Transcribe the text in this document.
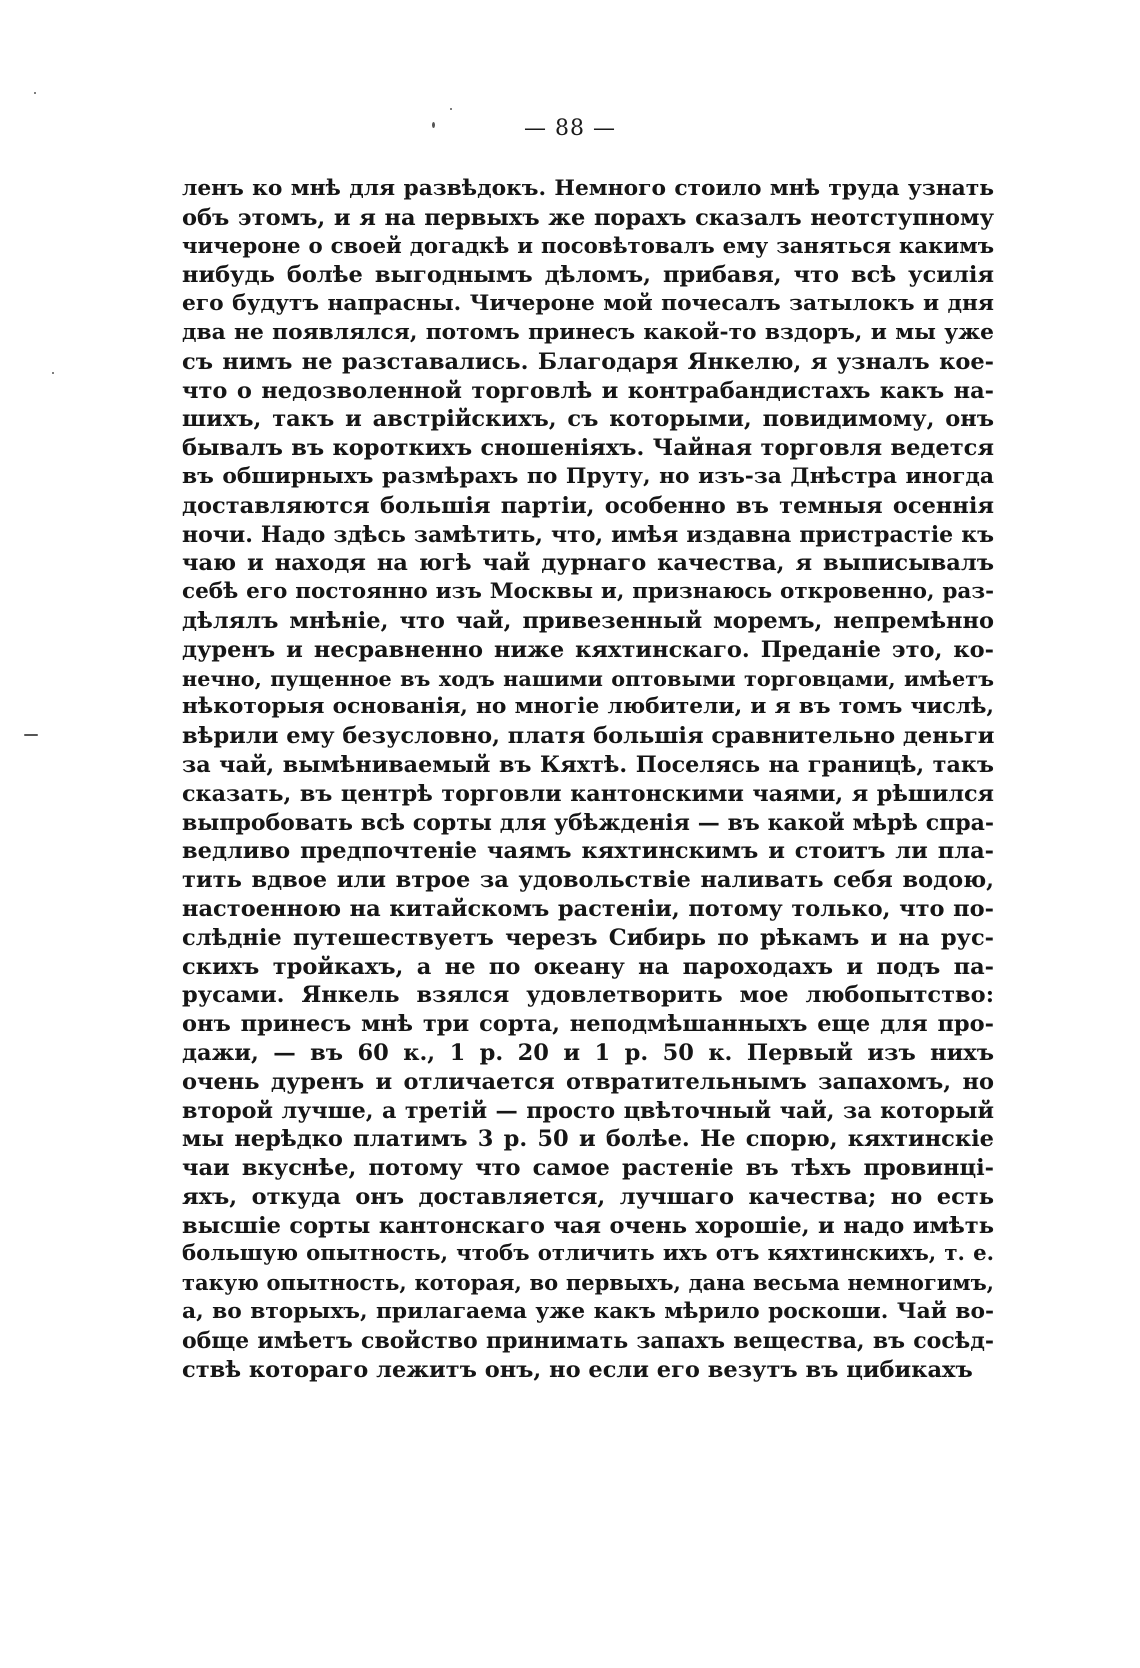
— 88 —
ленъ ко мнѣ для развѣдокъ. Немного стоило мнѣ труда узнать
объ этомъ, и я на первыхъ же порахъ сказалъ неотступному
чичероне о своей догадкѣ и посовѣтовалъ ему заняться какимъ
нибудь болѣе выгоднымъ дѣломъ, прибавя, что всѣ усилія
его будутъ напрасны. Чичероне мой почесалъ затылокъ и дня
два не появлялся, потомъ принесъ какой-то вздоръ, и мы уже
съ нимъ не разставались. Благодаря Янкелю, я узналъ кое-
что о недозволенной торговлѣ и контрабандистахъ какъ на-
шихъ, такъ и австрійскихъ, съ которыми, повидимому, онъ
бывалъ въ короткихъ сношеніяхъ. Чайная торговля ведется
въ обширныхъ размѣрахъ по Пруту, но изъ-за Днѣстра иногда
доставляются большія партіи, особенно въ темныя осеннія
ночи. Надо здѣсь замѣтить, что, имѣя издавна пристрастіе къ
чаю и находя на югѣ чай дурнаго качества, я выписывалъ
себѣ его постоянно изъ Москвы и, признаюсь откровенно, раз-
дѣлялъ мнѣніе, что чай, привезенный моремъ, непремѣнно
дуренъ и несравненно ниже кяхтинскаго. Преданіе это, ко-
нечно, пущенное въ ходъ нашими оптовыми торговцами, имѣетъ
нѣкоторыя основанія, но многіе любители, и я въ томъ числѣ,
вѣрили ему безусловно, платя большія сравнительно деньги
за чай, вымѣниваемый въ Кяхтѣ. Поселясь на границѣ, такъ
сказать, въ центрѣ торговли кантонскими чаями, я рѣшился
выпробовать всѣ сорты для убѣжденія — въ какой мѣрѣ спра-
ведливо предпочтеніе чаямъ кяхтинскимъ и стоитъ ли пла-
тить вдвое или втрое за удовольствіе наливать себя водою,
настоенною на китайскомъ растеніи, потому только, что по-
слѣдніе путешествуетъ черезъ Сибирь по рѣкамъ и на рус-
скихъ тройкахъ, а не по океану на пароходахъ и подъ па-
русами. Янкель взялся удовлетворить мое любопытство:
онъ принесъ мнѣ три сорта, неподмѣшанныхъ еще для про-
дажи, — въ 60 к., 1 р. 20 и 1 р. 50 к. Первый изъ нихъ
очень дуренъ и отличается отвратительнымъ запахомъ, но
второй лучше, а третій — просто цвѣточный чай, за который
мы нерѣдко платимъ 3 р. 50 и болѣе. Не спорю, кяхтинскіе
чаи вкуснѣе, потому что самое растеніе въ тѣхъ провинці-
яхъ, откуда онъ доставляется, лучшаго качества; но есть
высшіе сорты кантонскаго чая очень хорошіе, и надо имѣть
большую опытность, чтобъ отличить ихъ отъ кяхтинскихъ, т. е.
такую опытность, которая, во первыхъ, дана весьма немногимъ,
а, во вторыхъ, прилагаема уже какъ мѣрило роскоши. Чай во-
обще имѣетъ свойство принимать запахъ вещества, въ сосѣд-
ствѣ котораго лежитъ онъ, но если его везутъ въ цибикахъ
